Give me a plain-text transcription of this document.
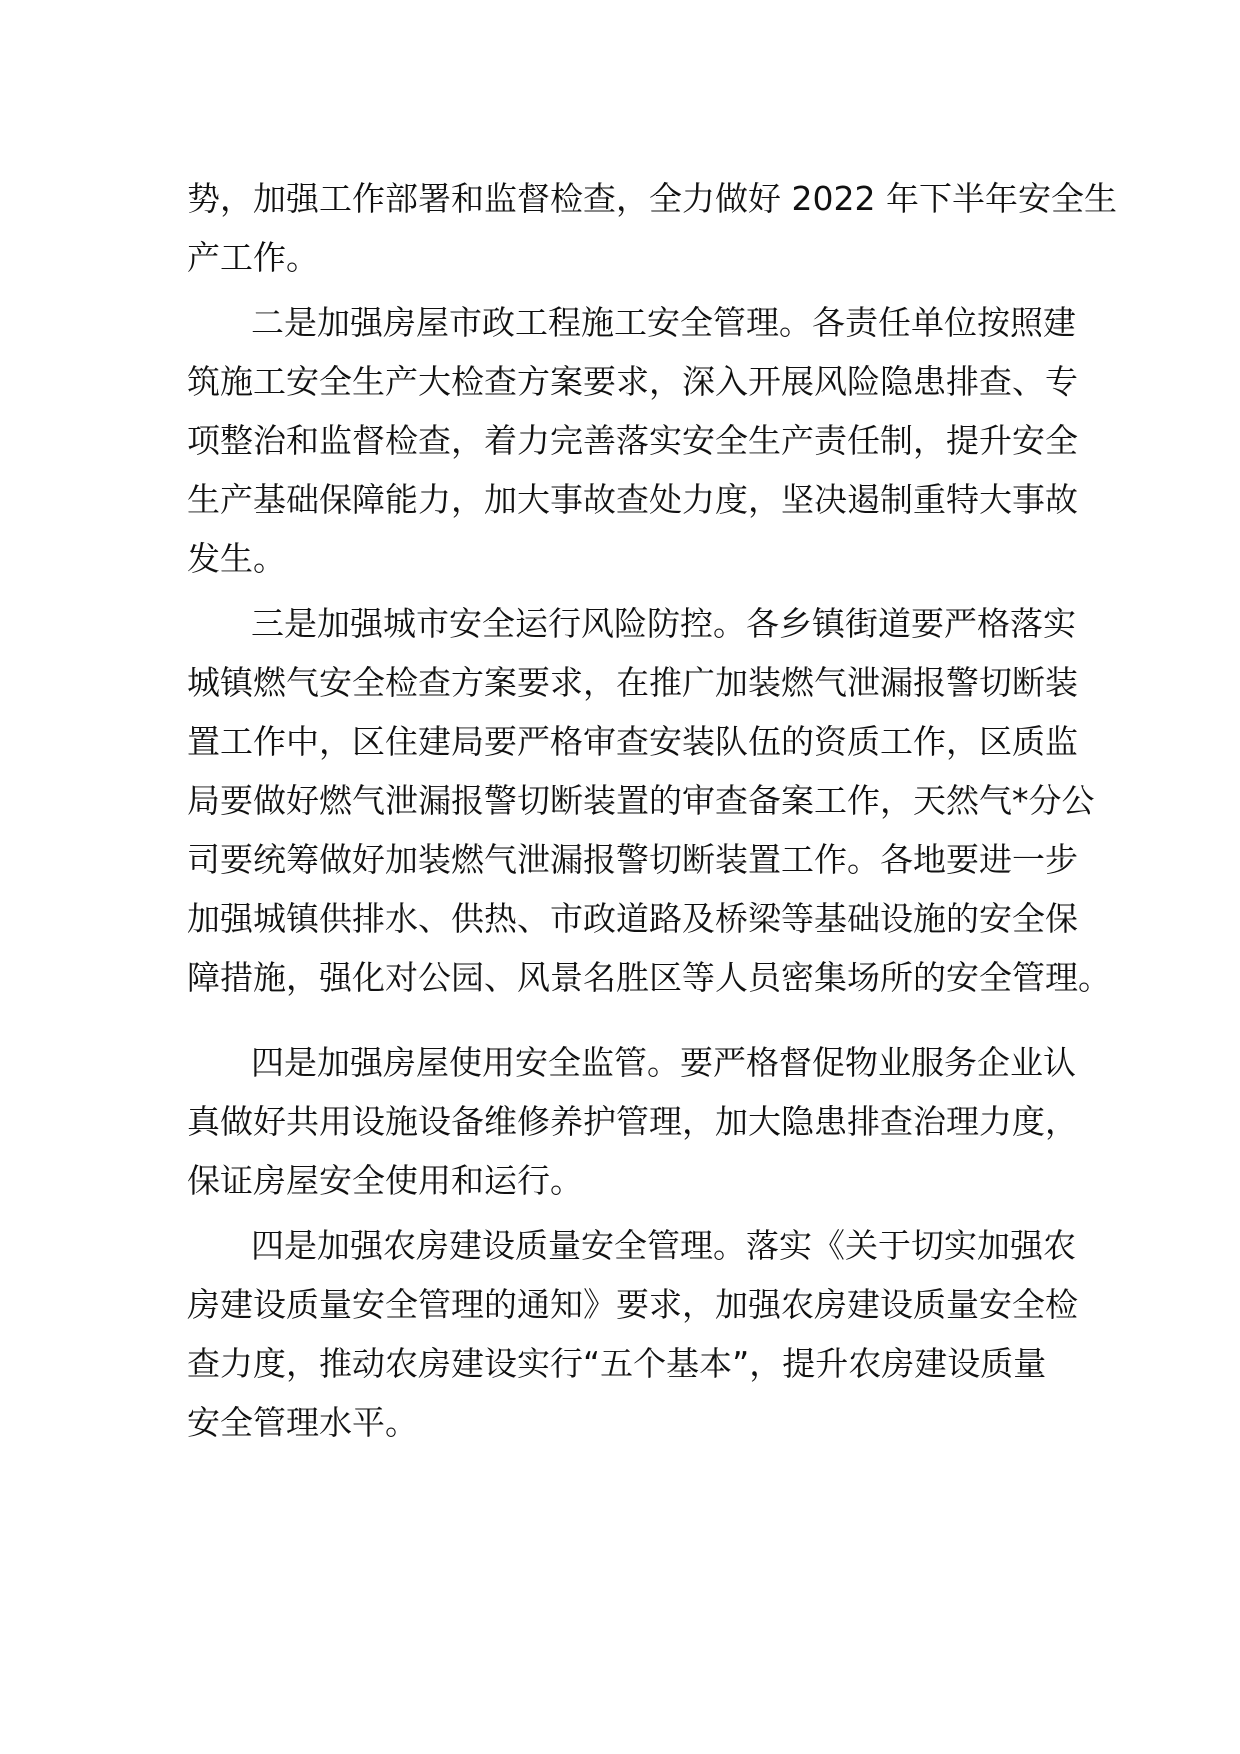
势，加强工作部署和监督检查，全力做好 2022 年下半年安全生
产工作。
二是加强房屋市政工程施工安全管理。各责任单位按照建
筑施工安全生产大检查方案要求，深入开展风险隐患排查、专
项整治和监督检查，着力完善落实安全生产责任制，提升安全
生产基础保障能力，加大事故查处力度，坚决遏制重特大事故
发生。
三是加强城市安全运行风险防控。各乡镇街道要严格落实
城镇燃气安全检查方案要求，在推广加装燃气泄漏报警切断装
置工作中，区住建局要严格审查安装队伍的资质工作，区质监
局要做好燃气泄漏报警切断装置的审查备案工作，天然气*分公
司要统筹做好加装燃气泄漏报警切断装置工作。各地要进一步
加强城镇供排水、供热、市政道路及桥梁等基础设施的安全保
障措施，强化对公园、风景名胜区等人员密集场所的安全管理。
四是加强房屋使用安全监管。要严格督促物业服务企业认
真做好共用设施设备维修养护管理，加大隐患排查治理力度，
保证房屋安全使用和运行。
四是加强农房建设质量安全管理。落实《关于切实加强农
房建设质量安全管理的通知》要求，加强农房建设质量安全检
查力度，推动农房建设实行“五个基本”，提升农房建设质量
安全管理水平。
